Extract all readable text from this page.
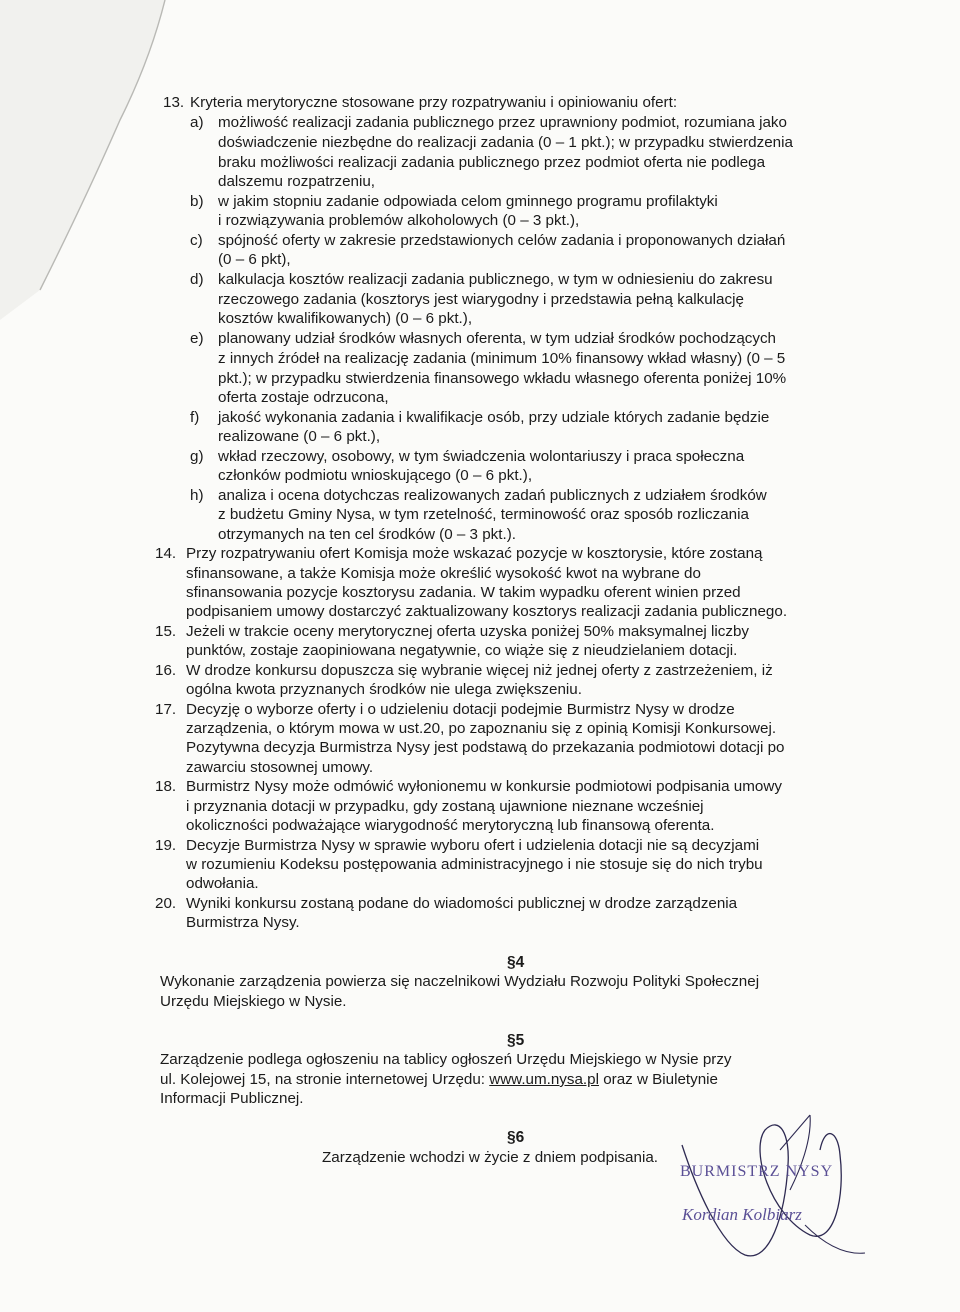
13. Kryteria merytoryczne stosowane przy rozpatrywaniu i opiniowaniu ofert:
a) możliwość realizacji zadania publicznego przez uprawniony podmiot, rozumiana jako
doświadczenie niezbędne do realizacji zadania (0 – 1 pkt.); w przypadku stwierdzenia
braku możliwości realizacji zadania publicznego przez podmiot oferta nie podlega
dalszemu rozpatrzeniu,
b) w jakim stopniu zadanie odpowiada celom gminnego programu profilaktyki
i rozwiązywania problemów alkoholowych (0 – 3 pkt.),
c) spójność oferty w zakresie przedstawionych celów zadania i proponowanych działań
(0 – 6 pkt),
d) kalkulacja kosztów realizacji zadania publicznego, w tym w odniesieniu do zakresu
rzeczowego zadania (kosztorys jest wiarygodny i przedstawia pełną kalkulację
kosztów kwalifikowanych) (0 – 6 pkt.),
e) planowany udział środków własnych oferenta, w tym udział środków pochodzących
z innych źródeł na realizację zadania (minimum 10% finansowy wkład własny) (0 – 5
pkt.); w przypadku stwierdzenia finansowego wkładu własnego oferenta poniżej 10%
oferta zostaje odrzucona,
f) jakość wykonania zadania i kwalifikacje osób, przy udziale których zadanie będzie
realizowane (0 – 6 pkt.),
g) wkład rzeczowy, osobowy, w tym świadczenia wolontariuszy i praca społeczna
członków podmiotu wnioskującego (0 – 6 pkt.),
h) analiza i ocena dotychczas realizowanych zadań publicznych z udziałem środków
z budżetu Gminy Nysa, w tym rzetelność, terminowość oraz sposób rozliczania
otrzymanych na ten cel środków (0 – 3 pkt.).
14. Przy rozpatrywaniu ofert Komisja może wskazać pozycje w kosztorysie, które zostaną
sfinansowane, a także Komisja może określić wysokość kwot na wybrane do
sfinansowania pozycje kosztorysu zadania. W takim wypadku oferent winien przed
podpisaniem umowy dostarczyć zaktualizowany kosztorys realizacji zadania publicznego.
15. Jeżeli w trakcie oceny merytorycznej oferta uzyska poniżej 50% maksymalnej liczby
punktów, zostaje zaopiniowana negatywnie, co wiąże się z nieudzielaniem dotacji.
16. W drodze konkursu dopuszcza się wybranie więcej niż jednej oferty z zastrzeżeniem, iż
ogólna kwota przyznanych środków nie ulega zwiększeniu.
17. Decyzję o wyborze oferty i o udzieleniu dotacji podejmie Burmistrz Nysy w drodze
zarządzenia, o którym mowa w ust.20, po zapoznaniu się z opinią Komisji Konkursowej.
Pozytywna decyzja Burmistrza Nysy jest podstawą do przekazania podmiotowi dotacji po
zawarciu stosownej umowy.
18. Burmistrz Nysy może odmówić wyłonionemu w konkursie podmiotowi podpisania umowy
i przyznania dotacji w przypadku, gdy zostaną ujawnione nieznane wcześniej
okoliczności podważające wiarygodność merytoryczną lub finansową oferenta.
19. Decyzje Burmistrza Nysy w sprawie wyboru ofert i udzielenia dotacji nie są decyzjami
w rozumieniu Kodeksu postępowania administracyjnego i nie stosuje się do nich trybu
odwołania.
20. Wyniki konkursu zostaną podane do wiadomości publicznej w drodze zarządzenia
Burmistrza Nysy.
§4
Wykonanie zarządzenia powierza się naczelnikowi Wydziału Rozwoju Polityki Społecznej
Urzędu Miejskiego w Nysie.
§5
Zarządzenie podlega ogłoszeniu na tablicy ogłoszeń Urzędu Miejskiego w Nysie przy
ul. Kolejowej 15, na stronie internetowej Urzędu: www.um.nysa.pl oraz w Biuletynie
Informacji Publicznej.
§6
Zarządzenie wchodzi w życie z dniem podpisania.
BURMISTRZ NYSY
Kordian Kolbiarz
